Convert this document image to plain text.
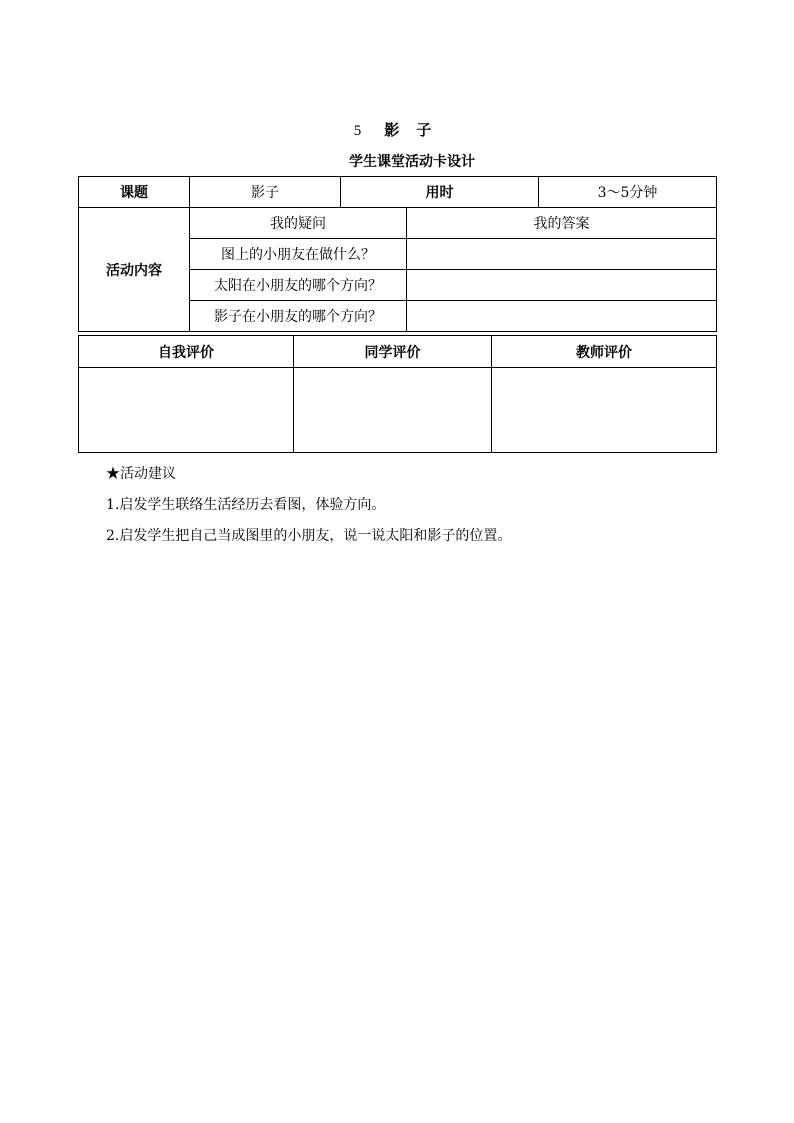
5 影 子
学生课堂活动卡设计
课题	影子	用时		3～5分钟
活动内容	我的疑问		我的答案	
	图上的小朋友在做什么？			
	太阳在小朋友的哪个方向？			
	影子在小朋友的哪个方向？			
自我评价	同学评价	教师评价

★活动建议

1.启发学生联络生活经历去看图，体验方向。

2.启发学生把自己当成图里的小朋友，说一说太阳和影子的位置。
